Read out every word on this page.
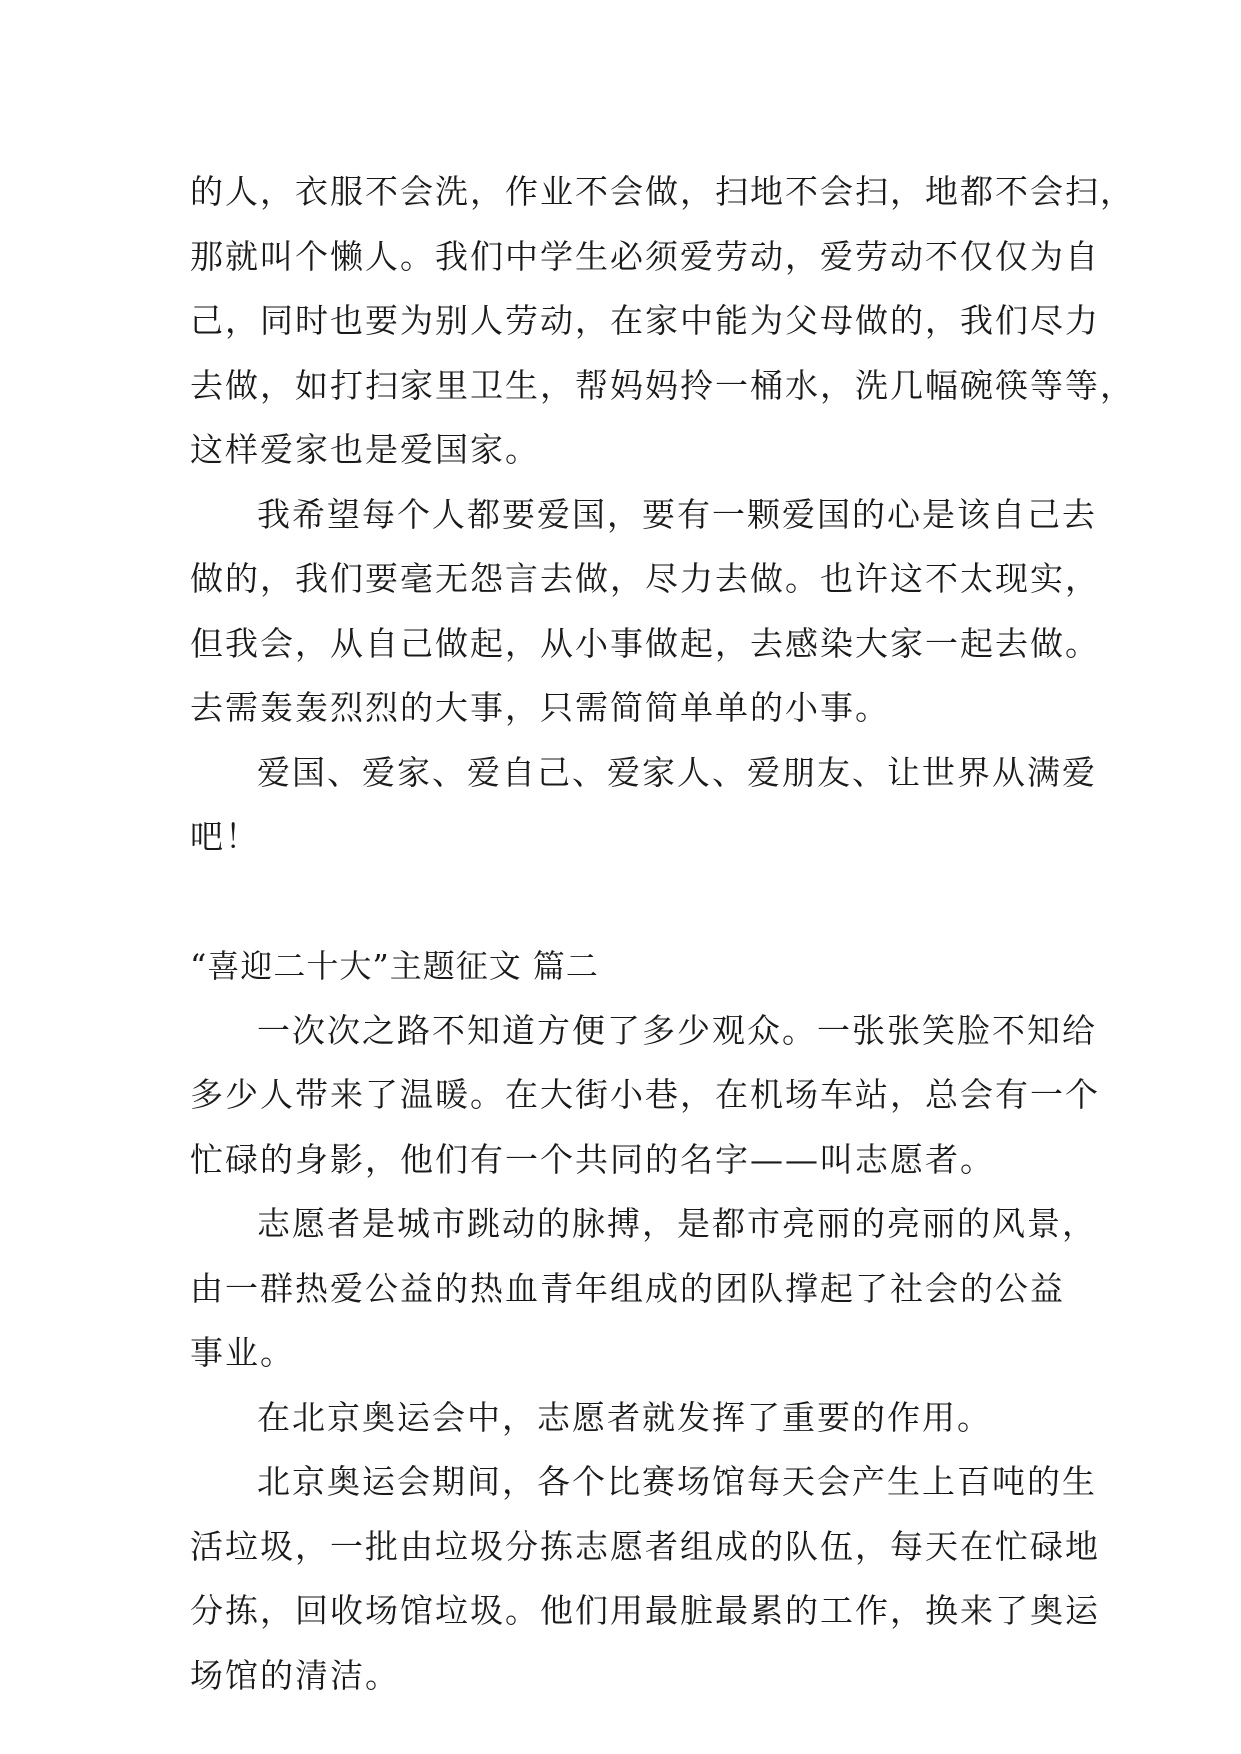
的人，衣服不会洗，作业不会做，扫地不会扫，地都不会扫，
那就叫个懒人。我们中学生必须爱劳动，爱劳动不仅仅为自
己，同时也要为别人劳动，在家中能为父母做的，我们尽力
去做，如打扫家里卫生，帮妈妈拎一桶水，洗几幅碗筷等等，
这样爱家也是爱国家。
我希望每个人都要爱国，要有一颗爱国的心是该自己去
做的，我们要毫无怨言去做，尽力去做。也许这不太现实，
但我会，从自己做起，从小事做起，去感染大家一起去做。
去需轰轰烈烈的大事，只需简简单单的小事。
爱国、爱家、爱自己、爱家人、爱朋友、让世界从满爱
吧！
“喜迎二十大”主题征文 篇二
一次次之路不知道方便了多少观众。一张张笑脸不知给
多少人带来了温暖。在大街小巷，在机场车站，总会有一个
忙碌的身影，他们有一个共同的名字——叫志愿者。
志愿者是城市跳动的脉搏，是都市亮丽的亮丽的风景，
由一群热爱公益的热血青年组成的团队撑起了社会的公益
事业。
在北京奥运会中，志愿者就发挥了重要的作用。
北京奥运会期间，各个比赛场馆每天会产生上百吨的生
活垃圾，一批由垃圾分拣志愿者组成的队伍，每天在忙碌地
分拣，回收场馆垃圾。他们用最脏最累的工作，换来了奥运
场馆的清洁。
